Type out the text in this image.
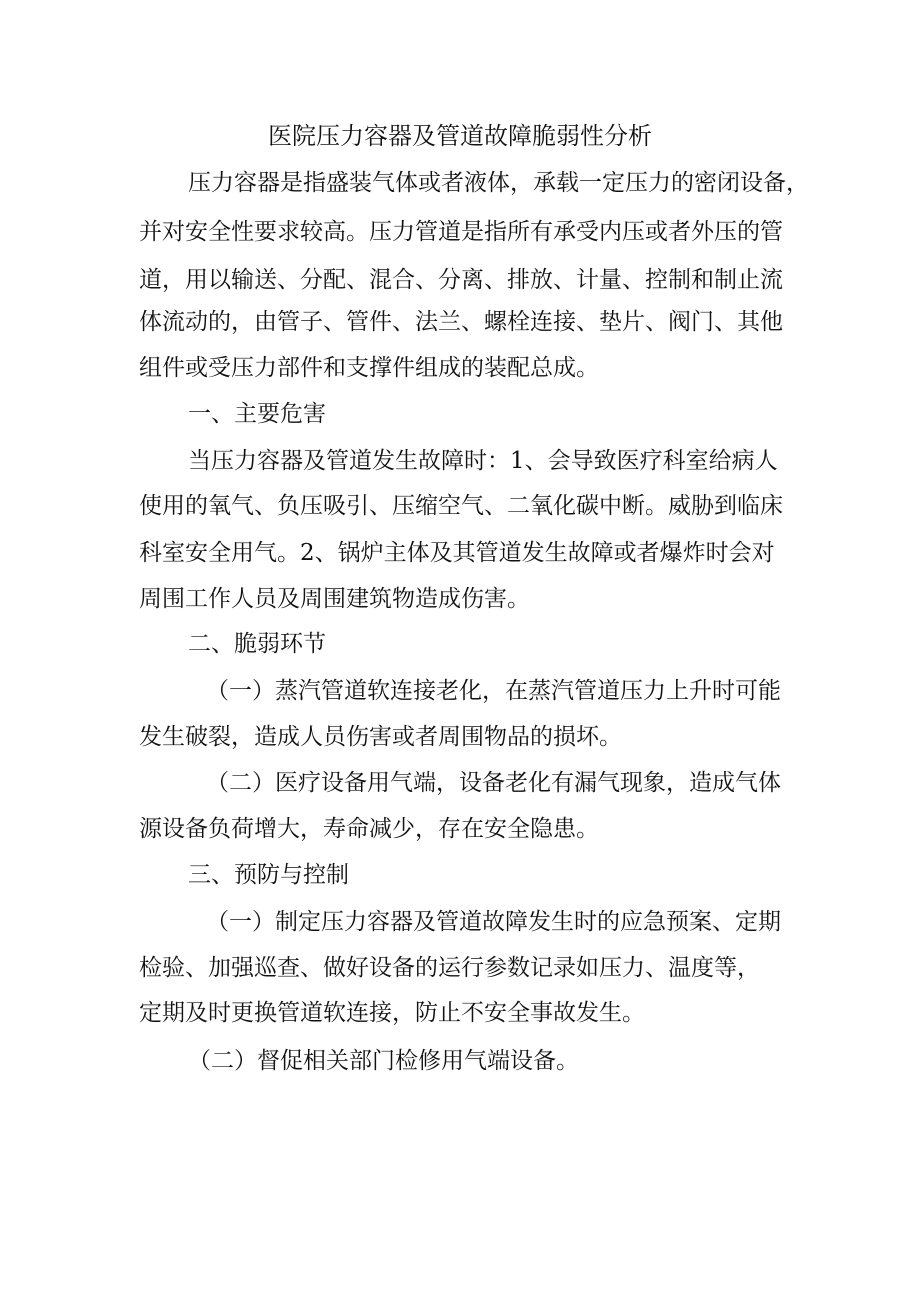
医院压力容器及管道故障脆弱性分析
压力容器是指盛装气体或者液体，承载一定压力的密闭设备，
并对安全性要求较高。压力管道是指所有承受内压或者外压的管
道，用以输送、分配、混合、分离、排放、计量、控制和制止流
体流动的，由管子、管件、法兰、螺栓连接、垫片、阀门、其他
组件或受压力部件和支撑件组成的装配总成。
一、主要危害
当压力容器及管道发生故障时：1、会导致医疗科室给病人
使用的氧气、负压吸引、压缩空气、二氧化碳中断。威胁到临床
科室安全用气。2、锅炉主体及其管道发生故障或者爆炸时会对
周围工作人员及周围建筑物造成伤害。
二、脆弱环节
（一）蒸汽管道软连接老化，在蒸汽管道压力上升时可能
发生破裂，造成人员伤害或者周围物品的损坏。
（二）医疗设备用气端，设备老化有漏气现象，造成气体
源设备负荷增大，寿命减少，存在安全隐患。
三、预防与控制
（一）制定压力容器及管道故障发生时的应急预案、定期
检验、加强巡查、做好设备的运行参数记录如压力、温度等，
定期及时更换管道软连接，防止不安全事故发生。
（二）督促相关部门检修用气端设备。
